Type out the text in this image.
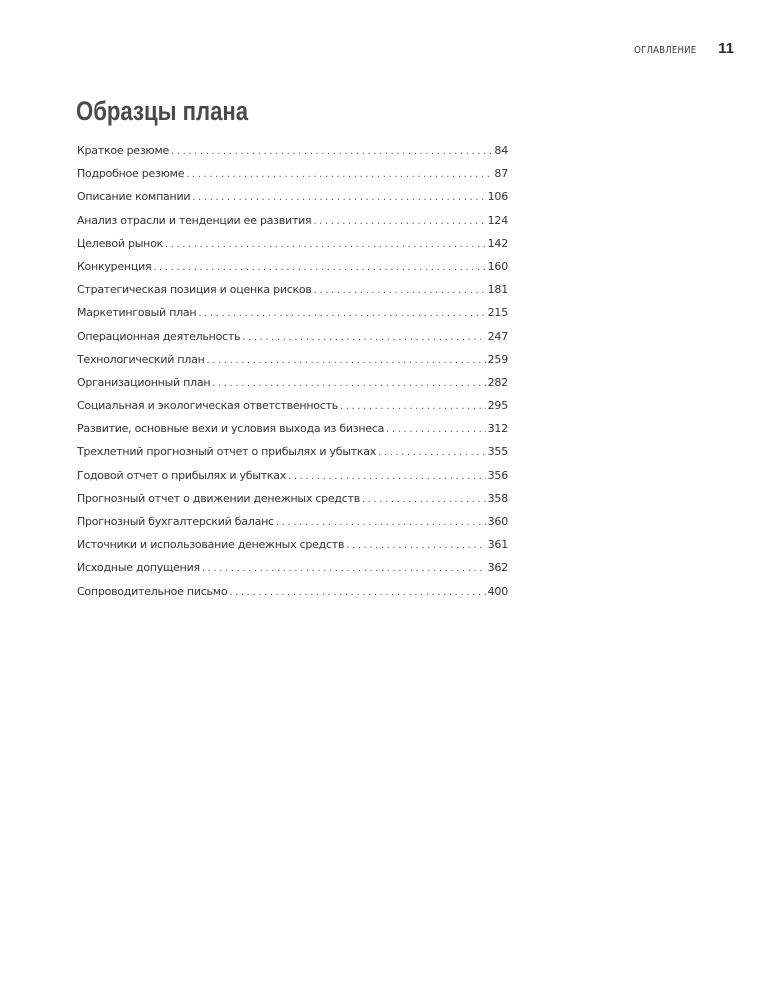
ОГЛАВЛЕНИЕ 11
Образцы плана
Краткое резюме .....	84
Подробное резюме .....	87
Описание компании .....	106
Анализ отрасли и тенденции ее развития .....	124
Целевой рынок .....	142
Конкуренция .....	160
Стратегическая позиция и оценка рисков .....	181
Маркетинговый план .....	215
Операционная деятельность .....	247
Технологический план .....	259
Организационный план .....	282
Социальная и экологическая ответственность .....	295
Развитие, основные вехи и условия выхода из бизнеса .....	312
Трехлетний прогнозный отчет о прибылях и убытках .....	355
Годовой отчет о прибылях и убытках .....	356
Прогнозный отчет о движении денежных средств .....	358
Прогнозный бухгалтерский баланс .....	360
Источники и использование денежных средств .....	361
Исходные допущения .....	362
Сопроводительное письмо .....	400
